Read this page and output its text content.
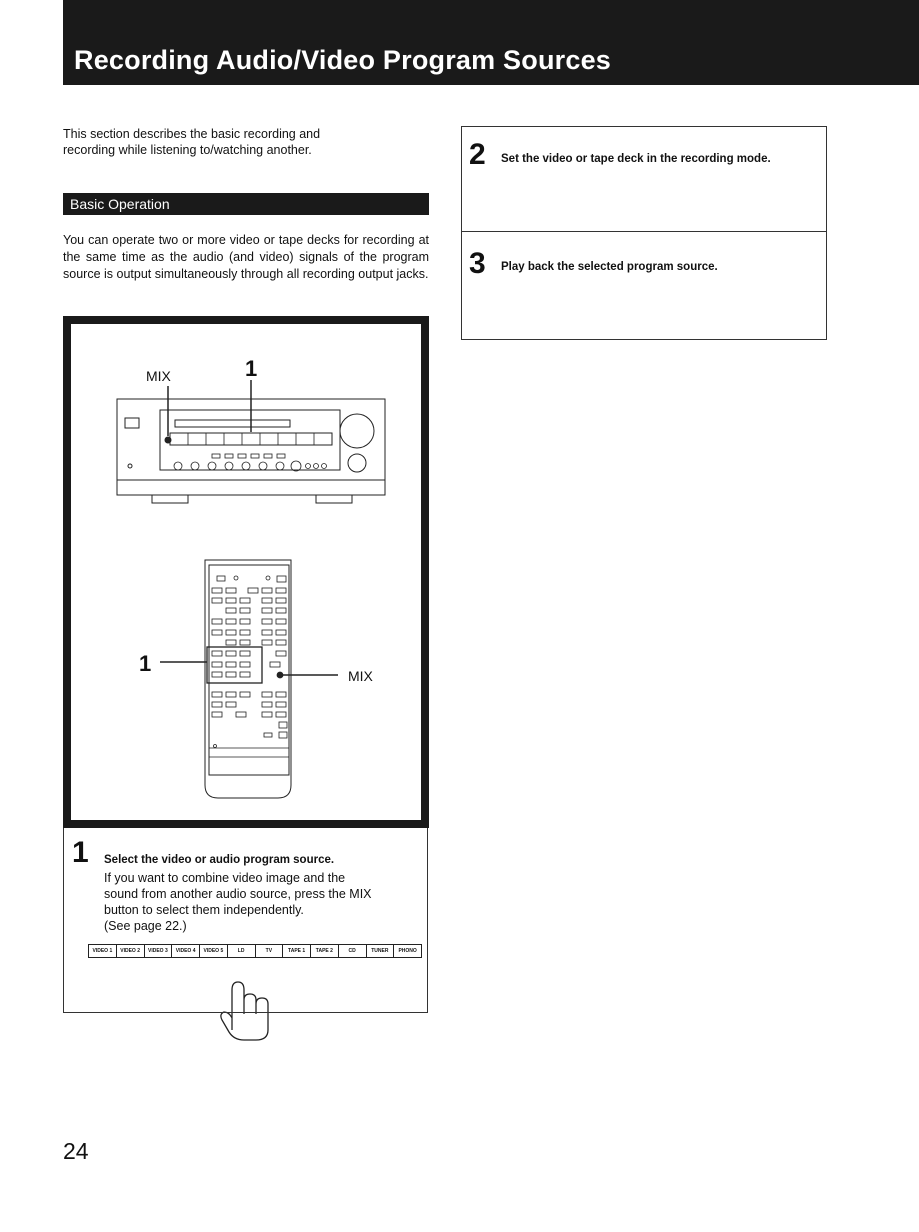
Recording Audio/Video Program Sources
This section describes the basic recording and recording while listening to/watching another.
Basic Operation
You can operate two or more video or tape decks for recording at the same time as the audio (and video) signals of the program source is output simultaneously through all recording output jacks.
MIX	1
1	MIX
1 Select the video or audio program source.
If you want to combine video image and the
sound from another audio source, press the MIX
button to select them independently.
(See page 22.)
VIDEO 1	VIDEO 2	VIDEO 3	VIDEO 4	VIDEO 5	LD	TV	TAPE 1	TAPE 2	CD	TUNER	PHONO
2 Set the video or tape deck in the recording mode.
3 Play back the selected program source.
24
